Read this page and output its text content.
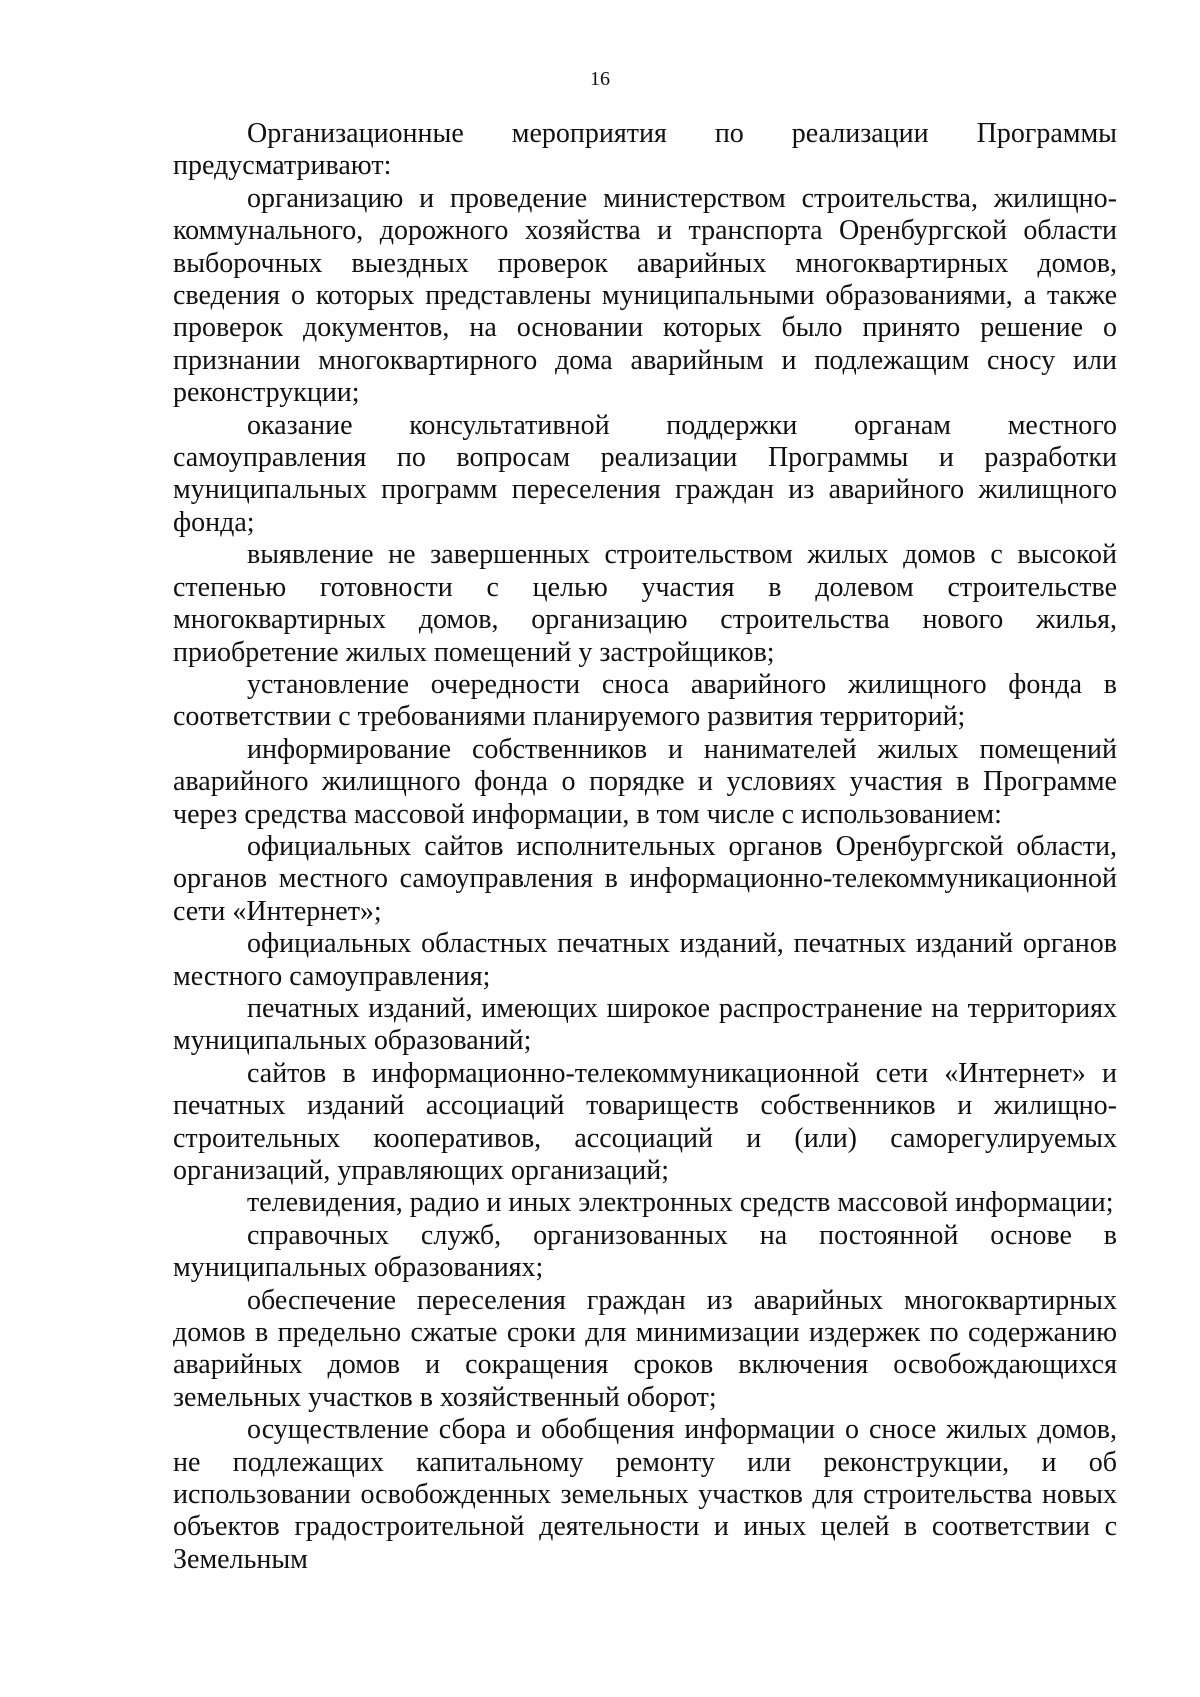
16

Организационные мероприятия по реализации Программы предусматривают:

организацию и проведение министерством строительства, жилищно-коммунального, дорожного хозяйства и транспорта Оренбургской области выборочных выездных проверок аварийных многоквартирных домов, сведения о которых представлены муниципальными образованиями, а также проверок документов, на основании которых было принято решение о признании многоквартирного дома аварийным и подлежащим сносу или реконструкции;

оказание консультативной поддержки органам местного самоуправления по вопросам реализации Программы и разработки муниципальных программ переселения граждан из аварийного жилищного фонда;

выявление не завершенных строительством жилых домов с высокой степенью готовности с целью участия в долевом строительстве многоквартирных домов, организацию строительства нового жилья, приобретение жилых помещений у застройщиков;

установление очередности сноса аварийного жилищного фонда в соответствии с требованиями планируемого развития территорий;

информирование собственников и нанимателей жилых помещений аварийного жилищного фонда о порядке и условиях участия в Программе через средства массовой информации, в том числе с использованием:

официальных сайтов исполнительных органов Оренбургской области, органов местного самоуправления в информационно-телекоммуникационной сети «Интернет»;

официальных областных печатных изданий, печатных изданий органов местного самоуправления;

печатных изданий, имеющих широкое распространение на территориях муниципальных образований;

сайтов в информационно-телекоммуникационной сети «Интернет» и печатных изданий ассоциаций товариществ собственников и жилищно-строительных кооперативов, ассоциаций и (или) саморегулируемых организаций, управляющих организаций;

телевидения, радио и иных электронных средств массовой информации;

справочных служб, организованных на постоянной основе в муниципальных образованиях;

обеспечение переселения граждан из аварийных многоквартирных домов в предельно сжатые сроки для минимизации издержек по содержанию аварийных домов и сокращения сроков включения освобождающихся земельных участков в хозяйственный оборот;

осуществление сбора и обобщения информации о сносе жилых домов, не подлежащих капитальному ремонту или реконструкции, и об использовании освобожденных земельных участков для строительства новых объектов градостроительной деятельности и иных целей в соответствии с Земельным
